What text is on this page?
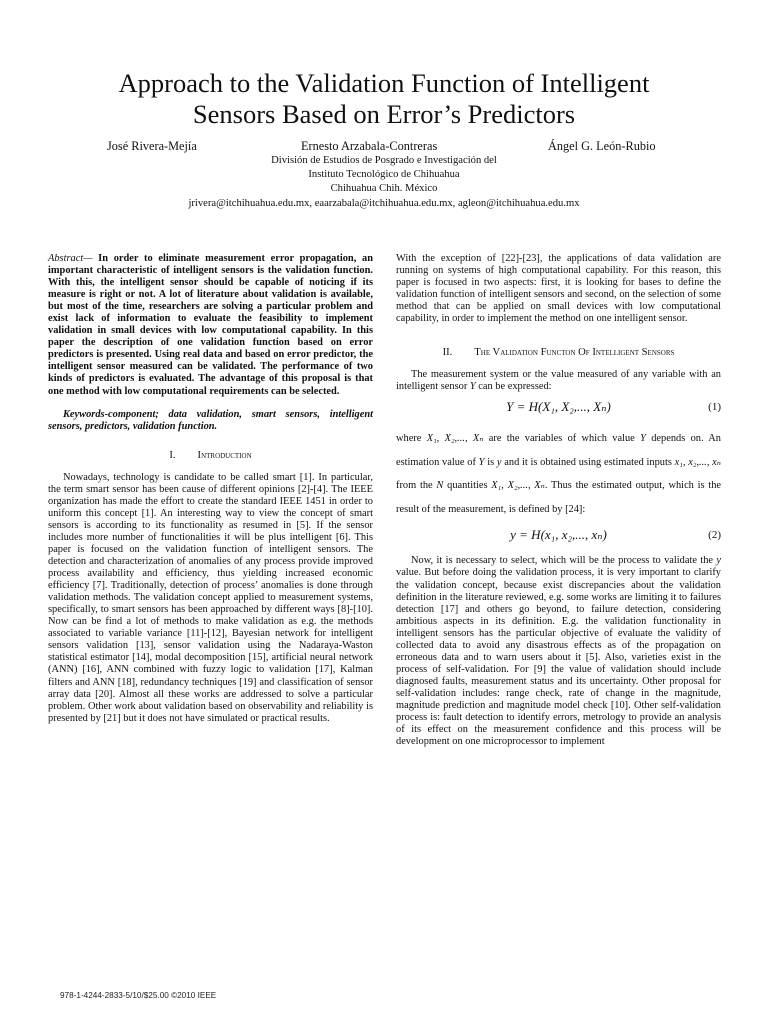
Approach to the Validation Function of Intelligent
Sensors Based on Error’s Predictors
José Rivera-Mejía	Ernesto Arzabala-Contreras	Ángel G. León-Rubio
División de Estudios de Posgrado e Investigación del
Instituto Tecnológico de Chihuahua
Chihuahua Chih. México
jrivera@itchihuahua.edu.mx, eaarzabala@itchihuahua.edu.mx, agleon@itchihuahua.edu.mx

Abstract— In order to eliminate measurement error propagation, an important characteristic of intelligent sensors is the validation function. With this, the intelligent sensor should be capable of noticing if its measure is right or not. A lot of literature about validation is available, but most of the time, researchers are solving a particular problem and exist lack of information to evaluate the feasibility to implement validation in small devices with low computational capability. In this paper the description of one validation function based on error predictors is presented. Using real data and based on error predictor, the intelligent sensor measured can be validated. The performance of two kinds of predictors is evaluated. The advantage of this proposal is that one method with low computational requirements can be selected.

Keywords-component; data validation, smart sensors, intelligent sensors, predictors, validation function.

I. Introduction

Nowadays, technology is candidate to be called smart [1]. In particular, the term smart sensor has been cause of different opinions [2]-[4]. The IEEE organization has made the effort to create the standard IEEE 1451 in order to uniform this concept [1]. An interesting way to view the concept of smart sensors is according to its functionality as resumed in [5]. If the sensor includes more number of functionalities it will be plus intelligent [6]. This paper is focused on the validation function of intelligent sensors. The detection and characterization of anomalies of any process provide improved process availability and efficiency, thus yielding increased economic efficiency [7]. Traditionally, detection of process’ anomalies is done through validation methods. The validation concept applied to measurement systems, specifically, to smart sensors has been approached by different ways [8]-[10]. Now can be find a lot of methods to make validation as e.g. the methods associated to variable variance [11]-[12], Bayesian network for intelligent sensors validation [13], sensor validation using the Nadaraya-Waston statistical estimator [14], modal decomposition [15], artificial neural network (ANN) [16], ANN combined with fuzzy logic to validation [17], Kalman filters and ANN [18], redundancy techniques [19] and classification of sensor array data [20]. Almost all these works are addressed to solve a particular problem. Other work about validation based on observability and reliability is presented by [21] but it does not have simulated or practical results.

With the exception of [22]-[23], the applications of data validation are running on systems of high computational capability. For this reason, this paper is focused in two aspects: first, it is looking for bases to define the validation function of intelligent sensors and second, on the selection of some method that can be applied on small devices with low computational capability, in order to implement the method on one intelligent sensor.

II. The Validation Functon Of Intelligent Sensors

The measurement system or the value measured of any variable with an intelligent sensor Y can be expressed:

Y = H(X₁, X₂,..., Xₙ)	(1)

where X₁, X₂,..., Xₙ are the variables of which value Y depends on. An estimation value of Y is y and it is obtained using estimated inputs x₁, x₂,..., xₙ from the N quantities X₁, X₂,..., Xₙ. Thus the estimated output, which is the result of the measurement, is defined by [24]:

y = H(x₁, x₂,..., xₙ)	(2)

Now, it is necessary to select, which will be the process to validate the y value. But before doing the validation process, it is very important to clarify the validation concept, because exist discrepancies about the validation definition in the literature reviewed, e.g. some works are limiting it to failures detection [17] and others go beyond, to failure detection, considering ambitious aspects in its definition. E.g. the validation functionality in intelligent sensors has the particular objective of evaluate the validity of collected data to avoid any disastrous effects as of the propagation on erroneous data and to warn users about it [5]. Also, varieties exist in the process of self-validation. For [9] the value of validation should include diagnosed faults, measurement status and its uncertainty. Other proposal for self-validation includes: range check, rate of change in the magnitude, magnitude prediction and magnitude model check [10]. Other self-validation process is: fault detection to identify errors, metrology to provide an analysis of its effect on the measurement confidence and this process will be development on one microprocessor to implement

978-1-4244-2833-5/10/$25.00 ©2010 IEEE
